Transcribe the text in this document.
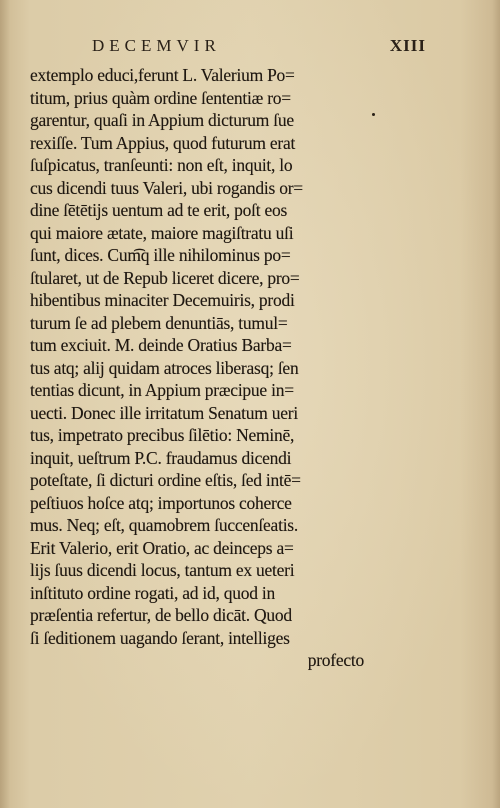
DECEMVIR	XIII
extemplo educi,ferunt L. Valerium Po=
titum, prius quàm ordine ſententiæ ro=
garentur, quaſi in Appium dicturum ſue
rexiſſe. Tum Appius, quod futurum erat
ſuſpicatus, tranſeunti: non eſt, inquit, lo
cus dicendi tuus Valeri, ubi rogandis or=
dine ſētētijs uentum ad te erit, poſt eos
qui maiore ætate, maiore magiſtratu uſi
ſunt, dices. Cum͡q ille nihilominus po=
ſtularet, ut de Repub liceret dicere, pro=
hibentibus minaciter Decemuiris, prodi
turum ſe ad plebem denuntiās, tumul=
tum exciuit. M. deinde Oratius Barba=
tus atq; alij quidam atroces liberasq; ſen
tentias dicunt, in Appium præcipue in=
uecti. Donec ille irritatum Senatum ueri
tus, impetrato precibus ſilētio: Neminē,
inquit, ueſtrum P.C. fraudamus dicendi
poteſtate, ſi dicturi ordine eſtis, ſed intē=
peſtiuos hoſce atq; importunos coherce
mus. Neq; eſt, quamobrem ſuccenſeatis.
Erit Valerio, erit Oratio, ac deinceps a=
lijs ſuus dicendi locus, tantum ex ueteri
inſtituto ordine rogati, ad id, quod in
præſentia refertur, de bello dicāt. Quod
ſi ſeditionem uagando ſerant, intelliges
profecto
